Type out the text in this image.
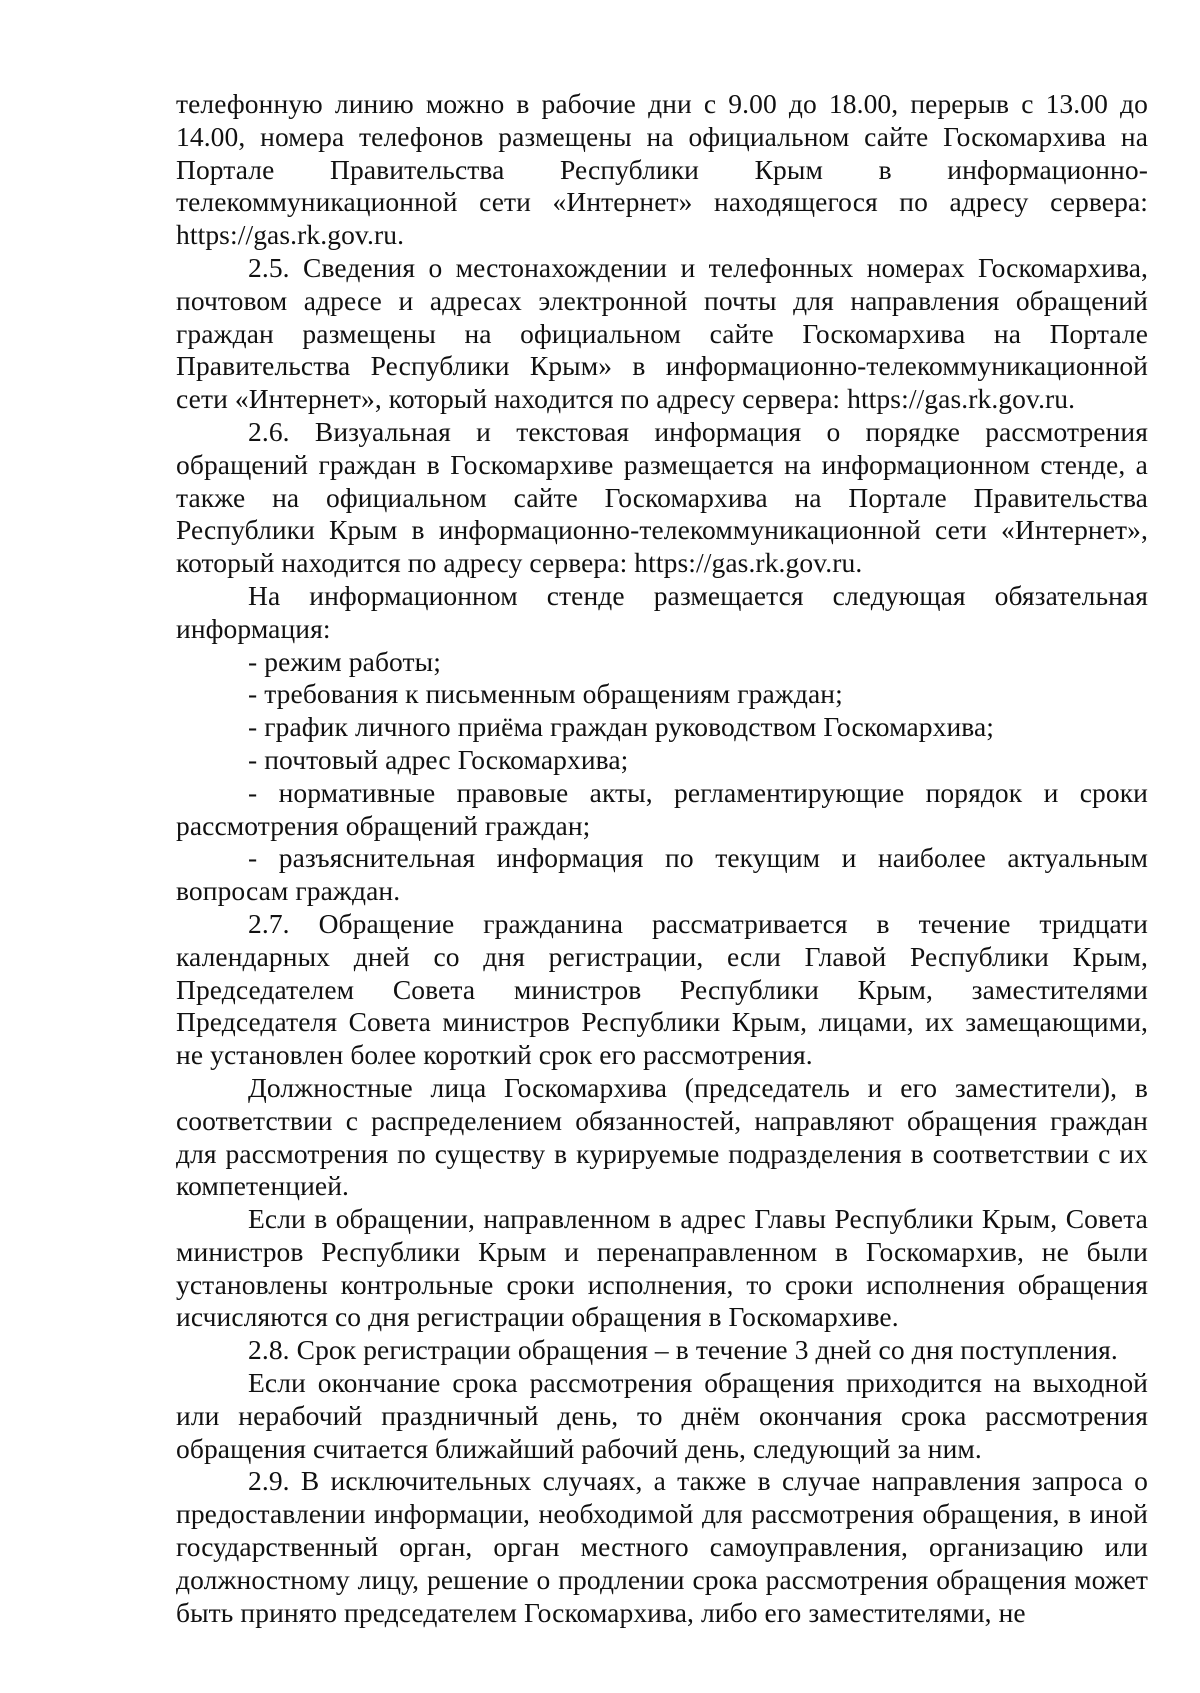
телефонную линию можно в рабочие дни с 9.00 до 18.00, перерыв с 13.00 до 14.00, номера телефонов размещены на официальном сайте Госкомархива на Портале Правительства Республики Крым в информационно-телекоммуникационной сети «Интернет» находящегося по адресу сервера: https://gas.rk.gov.ru.

2.5. Сведения о местонахождении и телефонных номерах Госкомархива, почтовом адресе и адресах электронной почты для направления обращений граждан размещены на официальном сайте Госкомархива на Портале Правительства Республики Крым» в информационно-телекоммуникационной сети «Интернет», который находится по адресу сервера: https://gas.rk.gov.ru.

2.6. Визуальная и текстовая информация о порядке рассмотрения обращений граждан в Госкомархиве размещается на информационном стенде, а также на официальном сайте Госкомархива на Портале Правительства Республики Крым в информационно-телекоммуникационной сети «Интернет», который находится по адресу сервера: https://gas.rk.gov.ru.

На информационном стенде размещается следующая обязательная информация:

- режим работы;

- требования к письменным обращениям граждан;

- график личного приёма граждан руководством Госкомархива;

- почтовый адрес Госкомархива;

- нормативные правовые акты, регламентирующие порядок и сроки рассмотрения обращений граждан;

- разъяснительная информация по текущим и наиболее актуальным вопросам граждан.

2.7. Обращение гражданина рассматривается в течение тридцати календарных дней со дня регистрации, если Главой Республики Крым, Председателем Совета министров Республики Крым, заместителями Председателя Совета министров Республики Крым, лицами, их замещающими, не установлен более короткий срок его рассмотрения.

Должностные лица Госкомархива (председатель и его заместители), в соответствии с распределением обязанностей, направляют обращения граждан для рассмотрения по существу в курируемые подразделения в соответствии с их компетенцией.

Если в обращении, направленном в адрес Главы Республики Крым, Совета министров Республики Крым и перенаправленном в Госкомархив, не были установлены контрольные сроки исполнения, то сроки исполнения обращения исчисляются со дня регистрации обращения в Госкомархиве.

2.8. Срок регистрации обращения – в течение 3 дней со дня поступления.

Если окончание срока рассмотрения обращения приходится на выходной или нерабочий праздничный день, то днём окончания срока рассмотрения обращения считается ближайший рабочий день, следующий за ним.

2.9. В исключительных случаях, а также в случае направления запроса о предоставлении информации, необходимой для рассмотрения обращения, в иной государственный орган, орган местного самоуправления, организацию или должностному лицу, решение о продлении срока рассмотрения обращения может быть принято председателем Госкомархива, либо его заместителями, не
